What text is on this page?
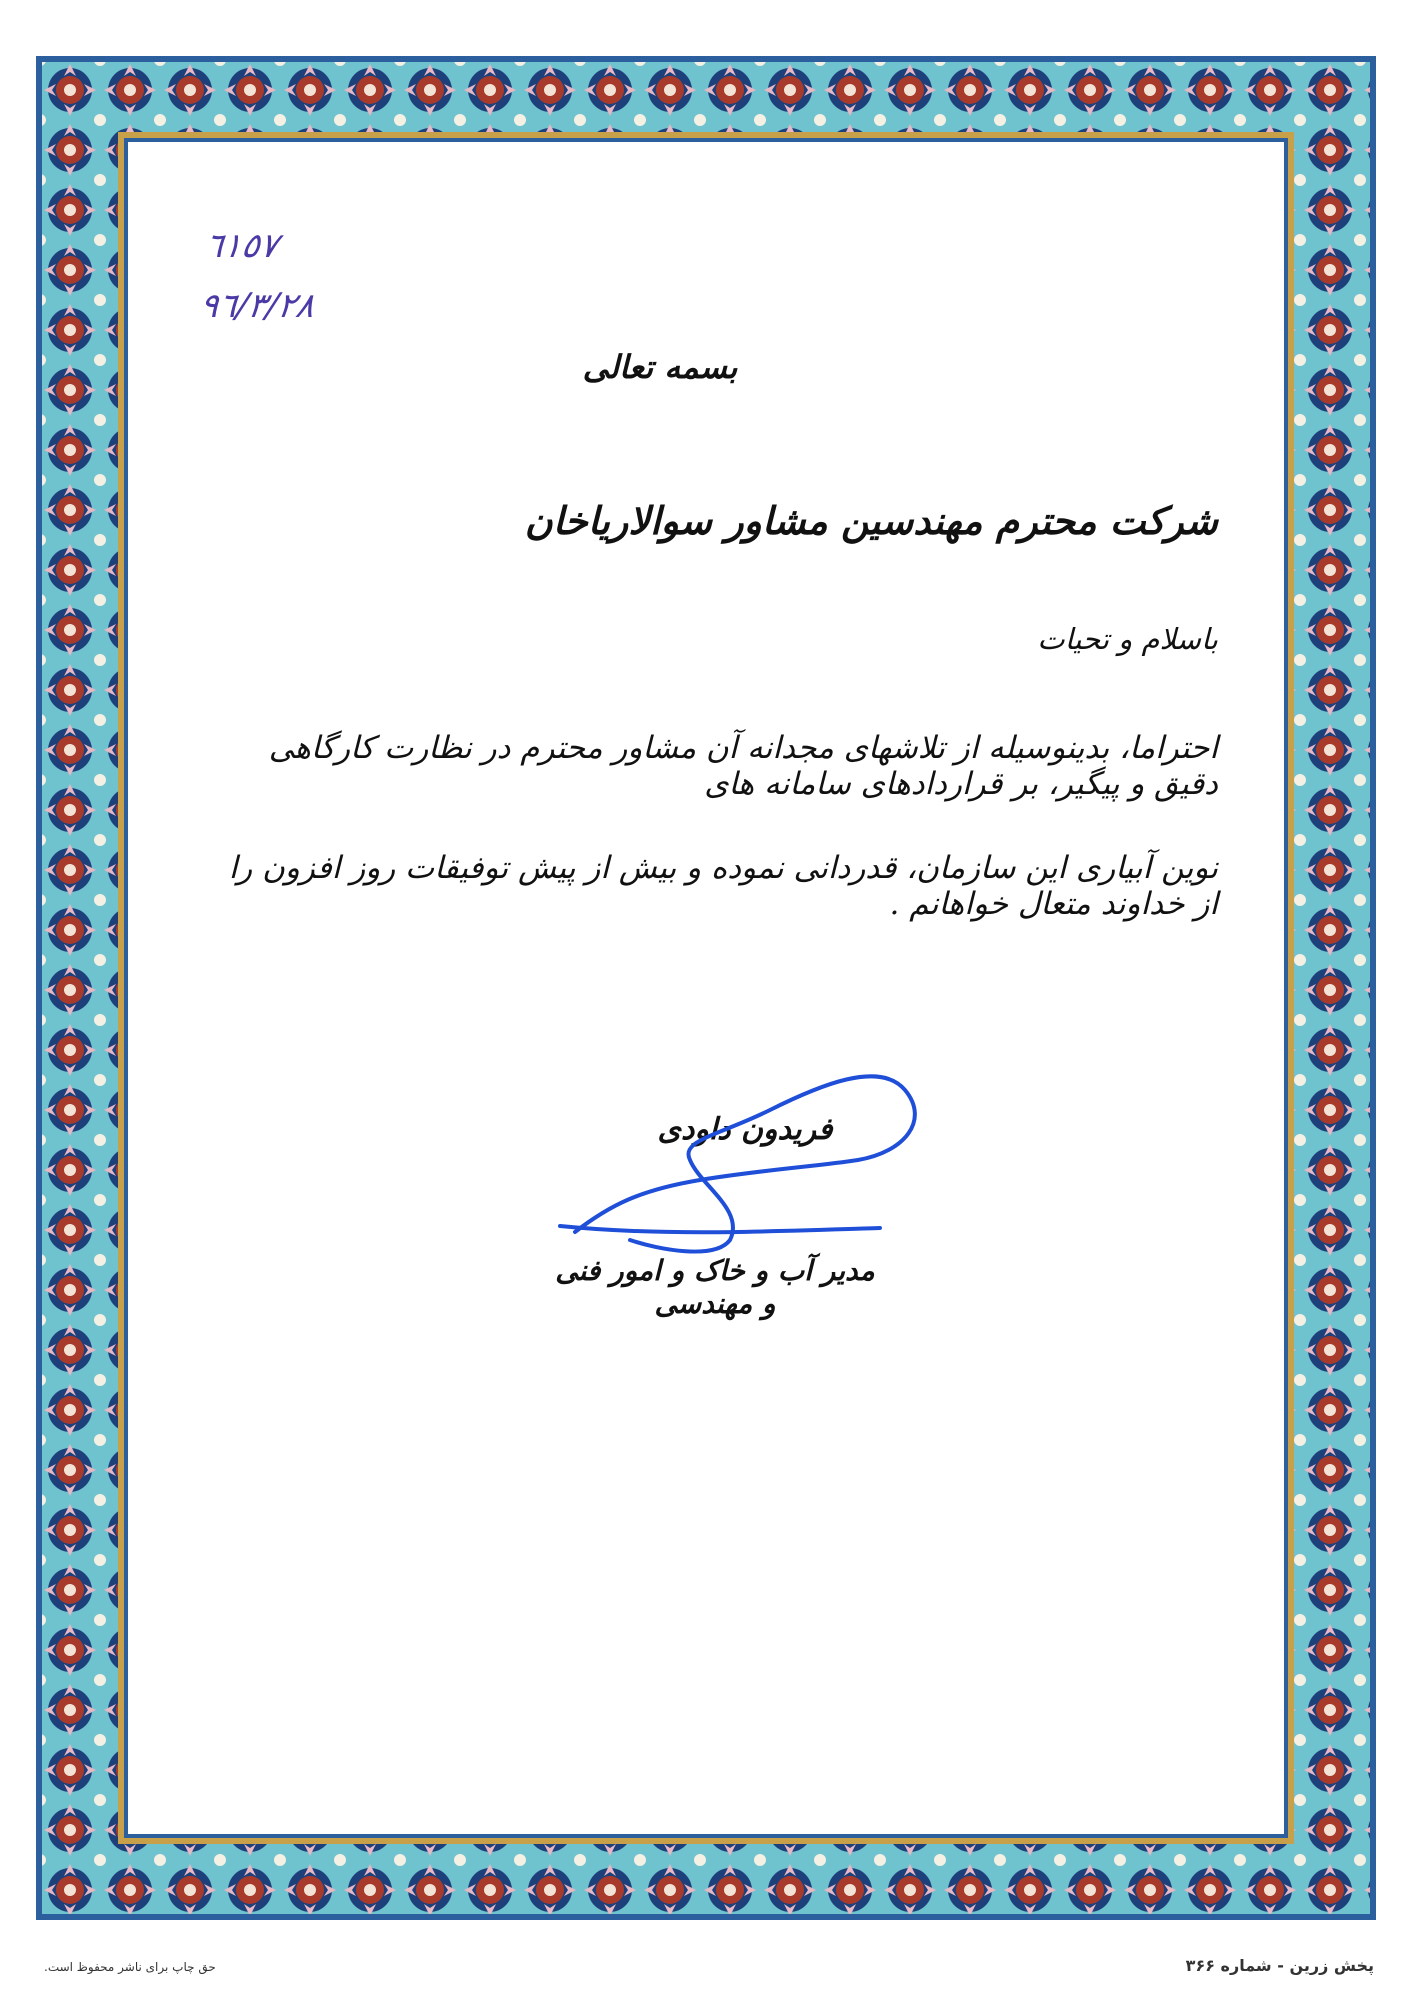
٦١٥٧
٩٦/٣/٢٨
بسمه تعالی
شرکت محترم مهندسین مشاور سوالاریاخان
باسلام و تحیات
احتراما، بدینوسیله از تلاشهای مجدانه آن مشاور محترم در نظارت کارگاهی دقیق و پیگیر، بر قراردادهای سامانه های
نوین آبیاری این سازمان، قدردانی نموده و بیش از پیش توفیقات روز افزون را از خداوند متعال خواهانم .
فریدون داودی
مدیر آب و خاک و امور فنی و مهندسی
پخش زرین - شماره ۳۶۶
حق چاپ برای ناشر محفوظ است.
